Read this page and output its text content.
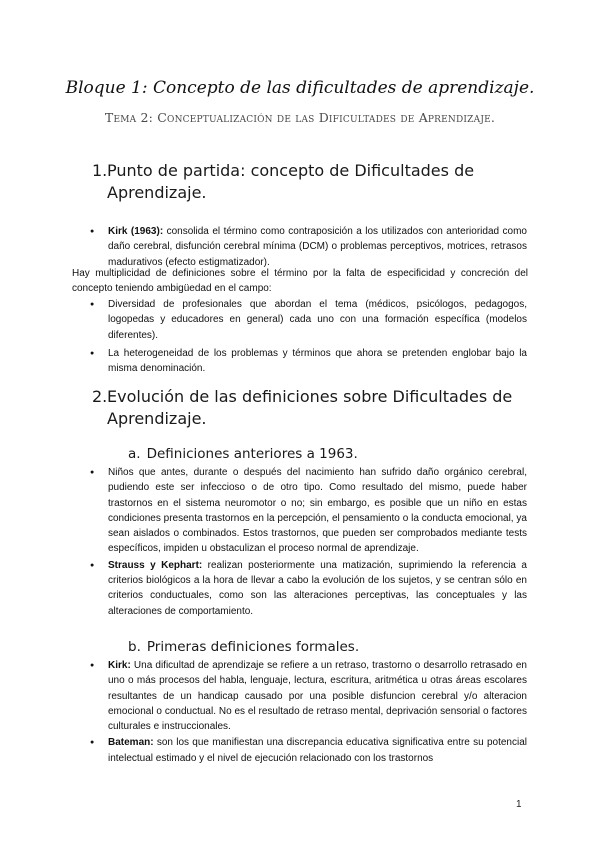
Bloque 1: Concepto de las dificultades de aprendizaje.
Tema 2: Conceptualización de las Dificultades de Aprendizaje.
1. Punto de partida: concepto de Dificultades de Aprendizaje.
● Kirk (1963): consolida el término como contraposición a los utilizados con anterioridad como daño cerebral, disfunción cerebral mínima (DCM) o problemas perceptivos, motrices, retrasos madurativos (efecto estigmatizador).
Hay multiplicidad de definiciones sobre el término por la falta de especificidad y concreción del concepto teniendo ambigüedad en el campo:
● Diversidad de profesionales que abordan el tema (médicos, psicólogos, pedagogos, logopedas y educadores en general) cada uno con una formación específica (modelos diferentes).
● La heterogeneidad de los problemas y términos que ahora se pretenden englobar bajo la misma denominación.
2. Evolución de las definiciones sobre Dificultades de Aprendizaje.
a. Definiciones anteriores a 1963.
● Niños que antes, durante o después del nacimiento han sufrido daño orgánico cerebral, pudiendo este ser infeccioso o de otro tipo. Como resultado del mismo, puede haber trastornos en el sistema neuromotor o no; sin embargo, es posible que un niño en estas condiciones presenta trastornos en la percepción, el pensamiento o la conducta emocional, ya sean aislados o combinados. Estos trastornos, que pueden ser comprobados mediante tests específicos, impiden u obstaculizan el proceso normal de aprendizaje.
● Strauss y Kephart: realizan posteriormente una matización, suprimiendo la referencia a criterios biológicos a la hora de llevar a cabo la evolución de los sujetos, y se centran sólo en criterios conductuales, como son las alteraciones perceptivas, las conceptuales y las alteraciones de comportamiento.
b. Primeras definiciones formales.
● Kirk: Una dificultad de aprendizaje se refiere a un retraso, trastorno o desarrollo retrasado en uno o más procesos del habla, lenguaje, lectura, escritura, aritmética u otras áreas escolares resultantes de un handicap causado por una posible disfuncion cerebral y/o alteracion emocional o conductual. No es el resultado de retraso mental, deprivación sensorial o factores culturales e instruccionales.
● Bateman: son los que manifiestan una discrepancia educativa significativa entre su potencial intelectual estimado y el nivel de ejecución relacionado con los trastornos
1
